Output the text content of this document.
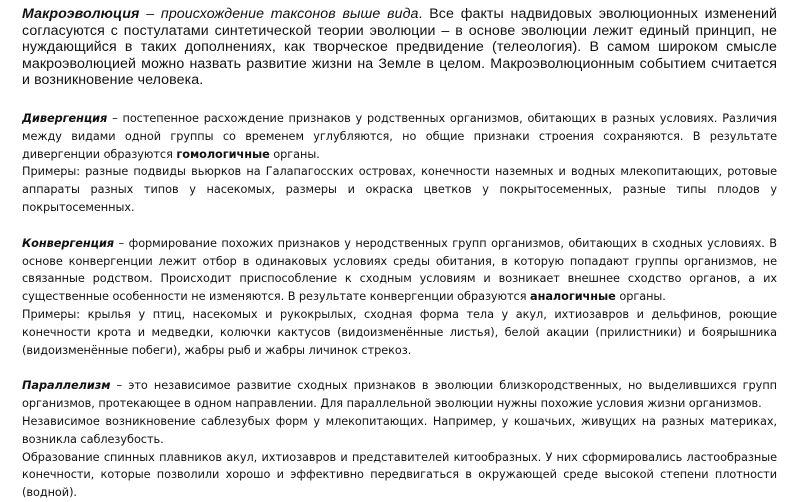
Макроэволюция – происхождение таксонов выше вида. Все факты надвидовых эволюционных изменений согласуются с постулатами синтетической теории эволюции – в основе эволюции лежит единый принцип, не нуждающийся в таких дополнениях, как творческое предвидение (телеология). В самом широком смысле макроэволюцией можно назвать развитие жизни на Земле в целом. Макроэволюционным событием считается и возникновение человека.

Дивергенция – постепенное расхождение признаков у родственных организмов, обитающих в разных условиях. Различия между видами одной группы со временем углубляются, но общие признаки строения сохраняются. В результате дивергенции образуются гомологичные органы.

Примеры: разные подвиды вьюрков на Галапагосских островах, конечности наземных и водных млекопитающих, ротовые аппараты разных типов у насекомых, размеры и окраска цветков у покрытосеменных, разные типы плодов у покрытосеменных.

Конвергенция – формирование похожих признаков у неродственных групп организмов, обитающих в сходных условиях. В основе конвергенции лежит отбор в одинаковых условиях среды обитания, в которую попадают группы организмов, не связанные родством. Происходит приспособление к сходным условиям и возникает внешнее сходство органов, а их существенные особенности не изменяются. В результате конвергенции образуются аналогичные органы.

Примеры: крылья у птиц, насекомых и рукокрылых, сходная форма тела у акул, ихтиозавров и дельфинов, роющие конечности крота и медведки, колючки кактусов (видоизменённые листья), белой акации (прилистники) и боярышника (видоизменённые побеги), жабры рыб и жабры личинок стрекоз.

Параллелизм – это независимое развитие сходных признаков в эволюции близкородственных, но выделившихся групп организмов, протекающее в одном направлении. Для параллельной эволюции нужны похожие условия жизни организмов.

Независимое возникновение саблезубых форм у млекопитающих. Например, у кошачьих, живущих на разных материках, возникла саблезубость.

Образование спинных плавников акул, ихтиозавров и представителей китообразных. У них сформировались ластообразные конечности, которые позволили хорошо и эффективно передвигаться в окружающей среде высокой степени плотности (водной).
